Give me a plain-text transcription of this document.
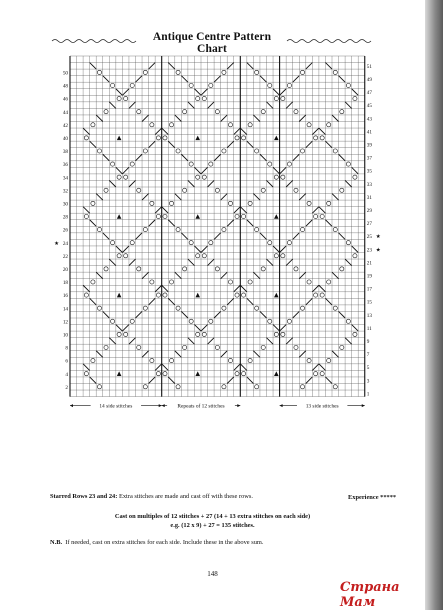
Antique Centre Pattern Chart
50
48
46
44
42
40
38
36
34
32
30
28
26
24
22
20
18
16
14
12
10
8
6
4
2
51
49
47
45
43
41
39
37
35
33
31
29
27
25
23
21
19
17
15
13
11
9
7
5
3
1
★
★
★
14 side stitches	Repeats of 12 stitches	13 side stitches
Starred Rows 23 and 24: Extra stitches are made and cast off with these rows.	Experience *****
Cast on multiples of 12 stitches + 27 (14 + 13 extra stitches on each side)
e.g. (12 x 9) + 27 = 135 stitches.
N.B. If needed, cast on extra stitches for each side. Include these in the above sum.
148
Страна Мам
